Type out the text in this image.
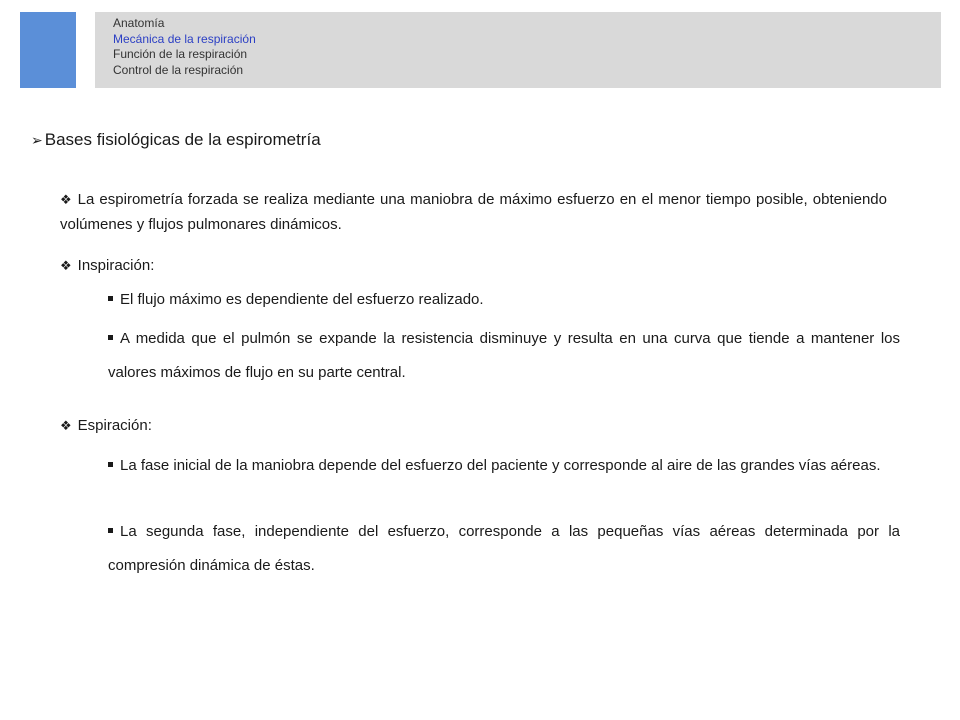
Anatomía
Mecánica de la respiración
Función de la respiración
Control de la respiración
➢ Bases fisiológicas de la espirometría

❖ La espirometría forzada se realiza mediante una maniobra de máximo esfuerzo en el menor tiempo posible, obteniendo volúmenes y flujos pulmonares dinámicos.

❖ Inspiración:

El flujo máximo es dependiente del esfuerzo realizado.

A medida que el pulmón se expande la resistencia disminuye y resulta en una curva que tiende a mantener los valores máximos de flujo en su parte central.

❖ Espiración:

La fase inicial de la maniobra depende del esfuerzo del paciente y corresponde al aire de las grandes vías aéreas.

La segunda fase, independiente del esfuerzo, corresponde a las pequeñas vías aéreas determinada por la compresión dinámica de éstas.
